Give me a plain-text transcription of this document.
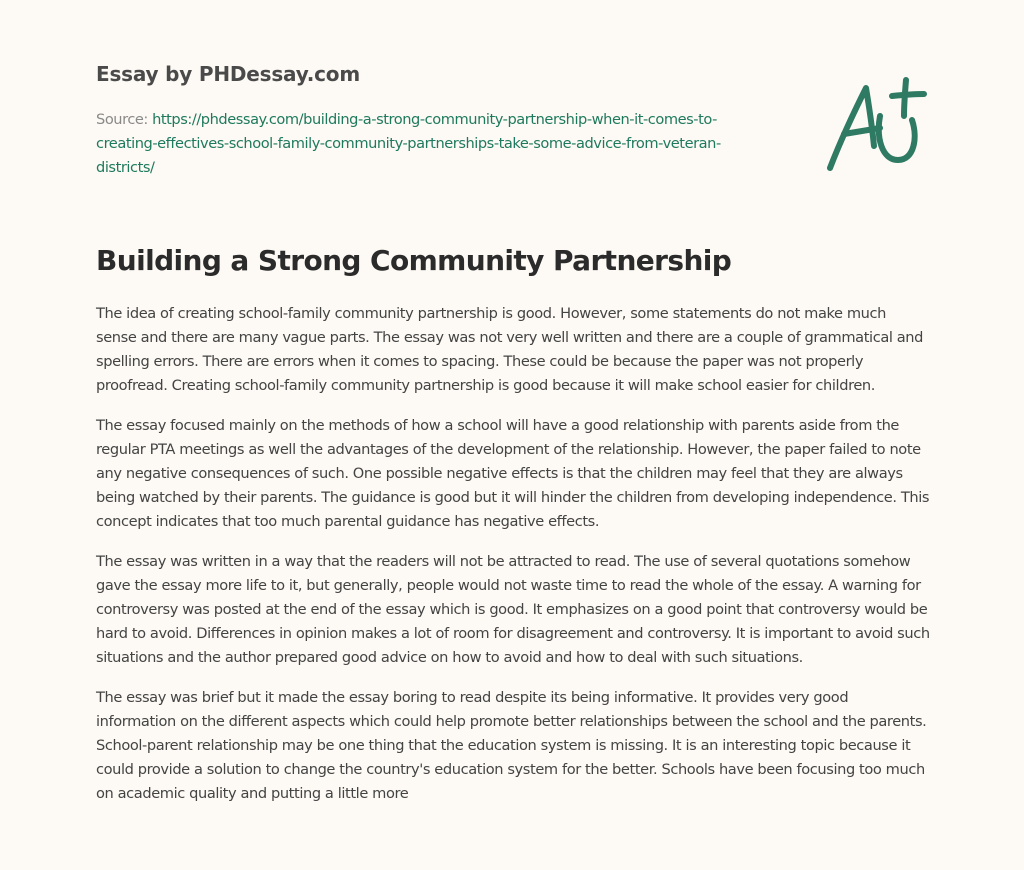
Essay by PHDessay.com

Source: https://phdessay.com/building-a-strong-community-partnership-when-it-comes-to-creating-effectives-school-family-community-partnerships-take-some-advice-from-veteran-districts/

Building a Strong Community Partnership

The idea of creating school-family community partnership is good. However, some statements do not make much sense and there are many vague parts. The essay was not very well written and there are a couple of grammatical and spelling errors. There are errors when it comes to spacing. These could be because the paper was not properly proofread. Creating school-family community partnership is good because it will make school easier for children.

The essay focused mainly on the methods of how a school will have a good relationship with parents aside from the regular PTA meetings as well the advantages of the development of the relationship. However, the paper failed to note any negative consequences of such. One possible negative effects is that the children may feel that they are always being watched by their parents. The guidance is good but it will hinder the children from developing independence. This concept indicates that too much parental guidance has negative effects.

The essay was written in a way that the readers will not be attracted to read. The use of several quotations somehow gave the essay more life to it, but generally, people would not waste time to read the whole of the essay. A warning for controversy was posted at the end of the essay which is good. It emphasizes on a good point that controversy would be hard to avoid. Differences in opinion makes a lot of room for disagreement and controversy. It is important to avoid such situations and the author prepared good advice on how to avoid and how to deal with such situations.

The essay was brief but it made the essay boring to read despite its being informative. It provides very good information on the different aspects which could help promote better relationships between the school and the parents. School-parent relationship may be one thing that the education system is missing. It is an interesting topic because it could provide a solution to change the country's education system for the better. Schools have been focusing too much on academic quality and putting a little more
